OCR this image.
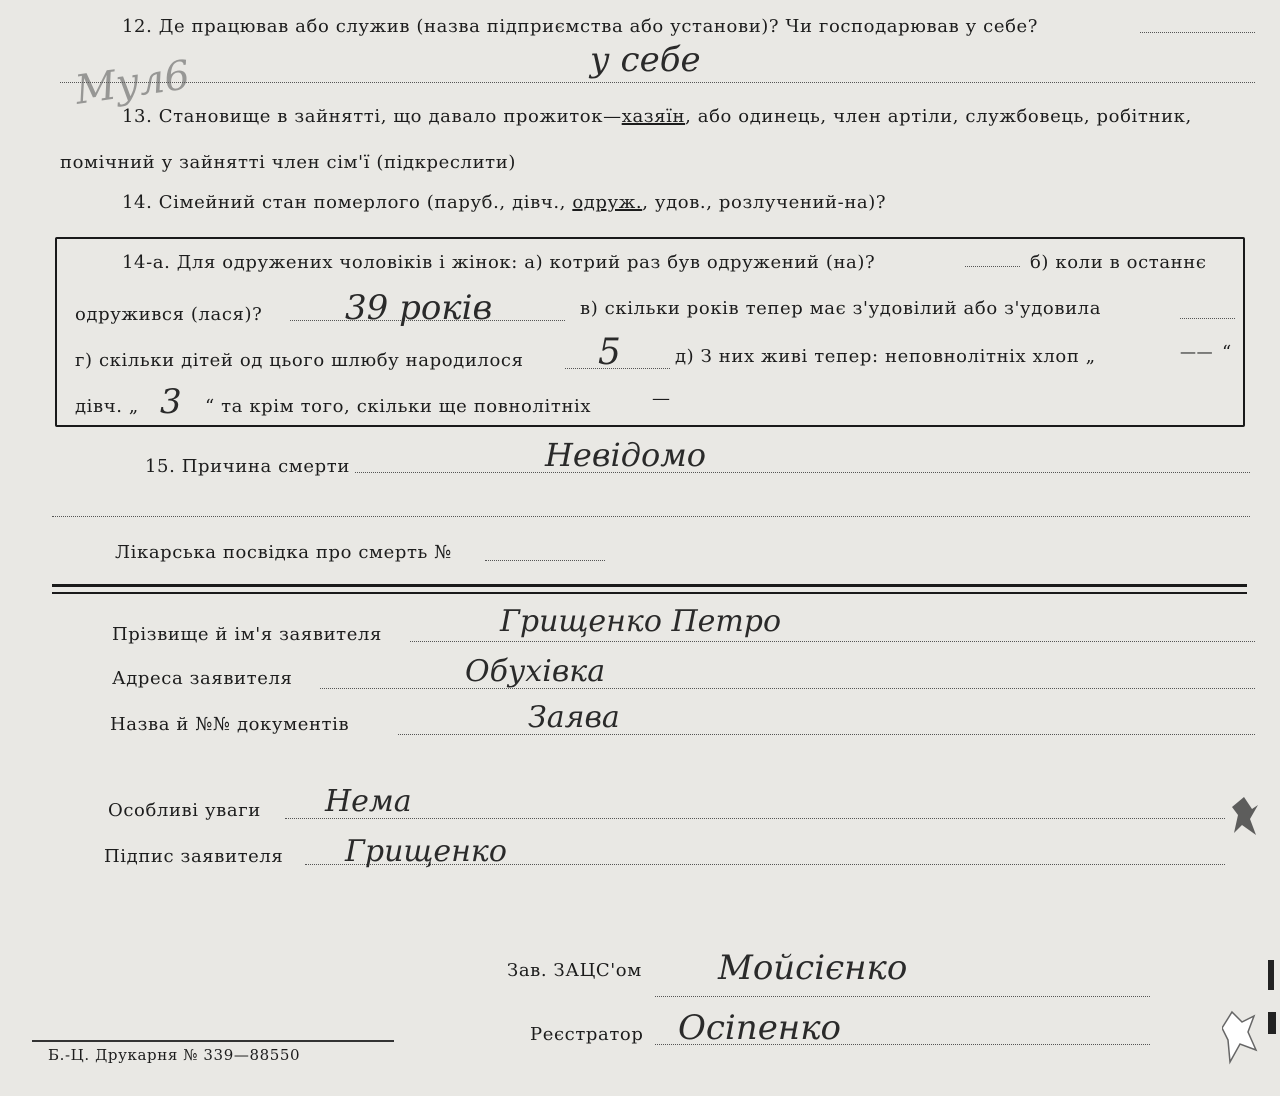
12. Де працював або служив (назва підприємства або установи)? Чи господарював у себе?
у себе
Мул6
13. Становище в зайнятті, що давало прожиток—хазяїн, або одинець, член артіли, службовець, робітник,
помічний у зайнятті член сім'ї (підкреслити)
14. Сімейний стан померлого (паруб., дівч., одруж., удов., розлучений-на)?
14-а. Для одружених чоловіків і жінок: а) котрий раз був одружений (на)?	б) коли в останнє
одружився (лася)? 39 років	в) скільки років тепер має з'удовілий або з'удовила
г) скільки дітей од цього шлюбу народилося 5	д) З них живі тепер: неповнолітніх хлоп „	—— “
дівч. „ 3 “ та крім того, скільки ще повнолітніх	—
15. Причина смерти	Невідомо
Лікарська посвідка про смерть №
Прізвище й ім'я заявителя	Грищенко Петро
Адреса заявителя	Обухівка
Назва й №№ документів	Заява
Особливі уваги Нема
Підпис заявителя Грищенко
Зав. ЗАЦС'ом Мойсієнко
Реєстратор Осіпенко
Б.-Ц. Друкарня № 339—88550
